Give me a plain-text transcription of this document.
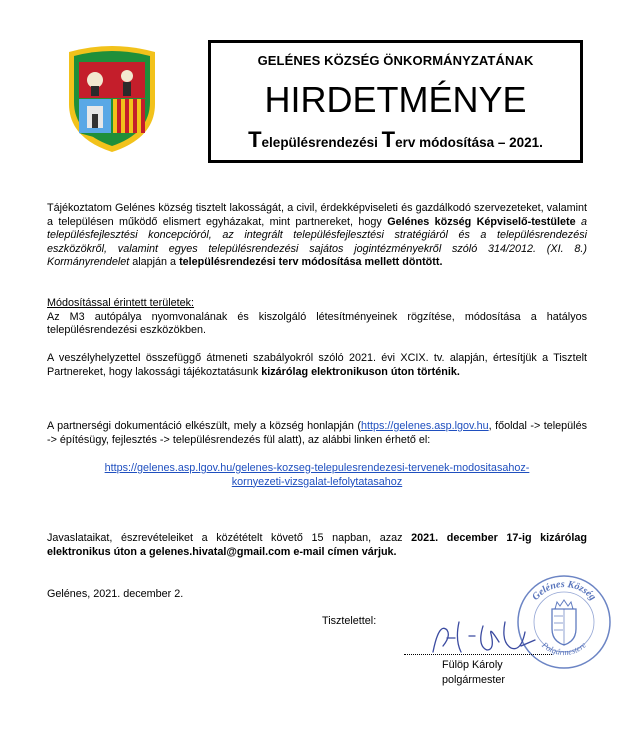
GELÉNES KÖZSÉG ÖNKORMÁNYZATÁNAK
HIRDETMÉNYE
Településrendezési Terv módosítása – 2021.
Tájékoztatom Gelénes község tisztelt lakosságát, a civil, érdekképviseleti és gazdálkodó szervezeteket, valamint a településen működő elismert egyházakat, mint partnereket, hogy Gelénes község Képviselő-testülete a településfejlesztési koncepcióról, az integrált településfejlesztési stratégiáról és a településrendezési eszközökről, valamint egyes településrendezési sajátos jogintézményekről szóló 314/2012. (XI. 8.) Kormányrendelet alapján a településrendezési terv módosítása mellett döntött.
Módosítással érintett területek:
Az M3 autópálya nyomvonalának és kiszolgáló létesítményeinek rögzítése, módosítása a hatályos településrendezési eszközökben.
A veszélyhelyzettel összefüggő átmeneti szabályokról szóló 2021. évi XCIX. tv. alapján, értesítjük a Tisztelt Partnereket, hogy lakossági tájékoztatásunk kizárólag elektronikuson úton történik.
A partnerségi dokumentáció elkészült, mely a község honlapján (https://gelenes.asp.lgov.hu, főoldal -> település -> építésügy, fejlesztés -> településrendezés fül alatt), az alábbi linken érhető el:
https://gelenes.asp.lgov.hu/gelenes-kozseg-telepulesrendezesi-tervenek-modositasahoz-
kornyezeti-vizsgalat-lefolytatasahoz
Javaslataikat, észrevételeiket a közétételt követő 15 napban, azaz 2021. december 17-ig kizárólag elektronikus úton a gelenes.hivatal@gmail.com e-mail címen várjuk.
Gelénes, 2021. december 2.
Tisztelettel:
Gelénes Község
Polgármestere
Fülöp Károly
polgármester
